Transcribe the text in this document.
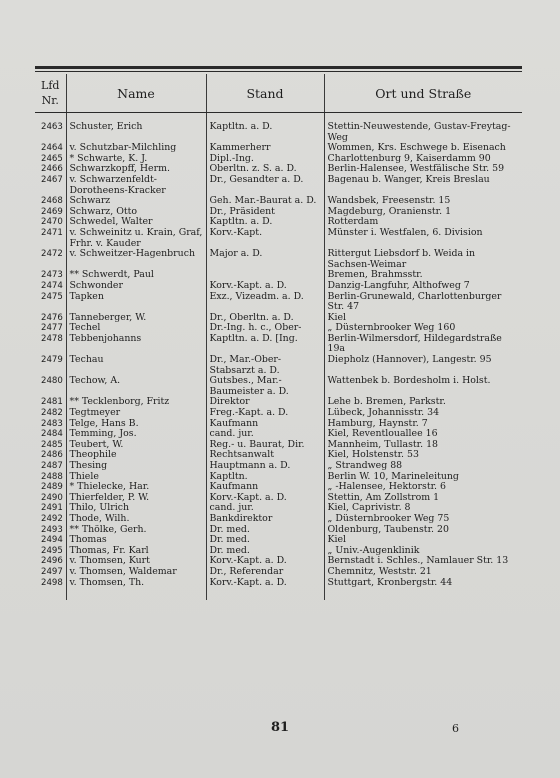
Lfd Nr.	Name	Stand	Ort und Straße

2463	Schuster, Erich	Kaptltn. a. D.	Stettin-Neuwestende, Gustav-Freytag-Weg
2464	v. Schutzbar-Milchling	Kammerherr	Wommen, Krs. Eschwege b. Eisenach
2465	* Schwarte, K. J.	Dipl.-Ing.	Charlottenburg 9, Kaiserdamm 90
2466	Schwarzkopff, Herm.	Oberltn. z. S. a. D.	Berlin-Halensee, Westfälische Str. 59
2467	v. Schwarzenfeldt-Dorotheens-Kracker	Dr., Gesandter a. D.	Bagenau b. Wanger, Kreis Breslau
2468	Schwarz	Geh. Mar.-Baurat a. D.	Wandsbek, Freesenstr. 15
2469	Schwarz, Otto	Dr., Präsident	Magdeburg, Oranienstr. 1
2470	Schwedel, Walter	Kaptltn. a. D.	Rotterdam
2471	v. Schweinitz u. Krain, Graf, Frhr. v. Kauder	Korv.-Kapt.	Münster i. Westfalen, 6. Division
2472	v. Schweitzer-Hagenbruch	Major a. D.	Rittergut Liebsdorf b. Weida in Sachsen-Weimar
2473	** Schwerdt, Paul		Bremen, Brahmsstr.
2474	Schwonder	Korv.-Kapt. a. D.	Danzig-Langfuhr, Althofweg 7
2475	Tapken	Exz., Vizeadm. a. D.	Berlin-Grunewald, Charlottenburger Str. 47
2476	Tanneberger, W.	Dr., Oberltn. a. D.	Kiel
2477	Techel	Dr.-Ing. h. c., Ober-	„ Düsternbrooker Weg 160
2478	Tebbenjohanns	Kaptltn. a. D. [Ing.	Berlin-Wilmersdorf, Hildegardstraße 19a
2479	Techau	Dr., Mar.-Ober-Stabsarzt a. D.	Diepholz (Hannover), Langestr. 95
2480	Techow, A.	Gutsbes., Mar.-Baumeister a. D.	Wattenbek b. Bordesholm i. Holst.
2481	** Tecklenborg, Fritz	Direktor	Lehe b. Bremen, Parkstr.
2482	Tegtmeyer	Freg.-Kapt. a. D.	Lübeck, Johannisstr. 34
2483	Telge, Hans B.	Kaufmann	Hamburg, Haynstr. 7
2484	Temming, Jos.	cand. jur.	Kiel, Reventlouallee 16
2485	Teubert, W.	Reg.- u. Baurat, Dir.	Mannheim, Tullastr. 18
2486	Theophile	Rechtsanwalt	Kiel, Holstenstr. 53
2487	Thesing	Hauptmann a. D.	„ Strandweg 88
2488	Thiele	Kaptltn.	Berlin W. 10, Marineleitung
2489	* Thielecke, Har.	Kaufmann	„ -Halensee, Hektorstr. 6
2490	Thierfelder, P. W.	Korv.-Kapt. a. D.	Stettin, Am Zollstrom 1
2491	Thilo, Ulrich	cand. jur.	Kiel, Caprivistr. 8
2492	Thode, Wilh.	Bankdirektor	„ Düsternbrooker Weg 75
2493	** Thölke, Gerh.	Dr. med.	Oldenburg, Taubenstr. 20
2494	Thomas	Dr. med.	Kiel
2495	Thomas, Fr. Karl	Dr. med.	„ Univ.-Augenklinik
2496	v. Thomsen, Kurt	Korv.-Kapt. a. D.	Bernstadt i. Schles., Namlauer Str. 13
2497	v. Thomsen, Waldemar	Dr., Referendar	Chemnitz, Weststr. 21
2498	v. Thomsen, Th.	Korv.-Kapt. a. D.	Stuttgart, Kronbergstr. 44
81	6
